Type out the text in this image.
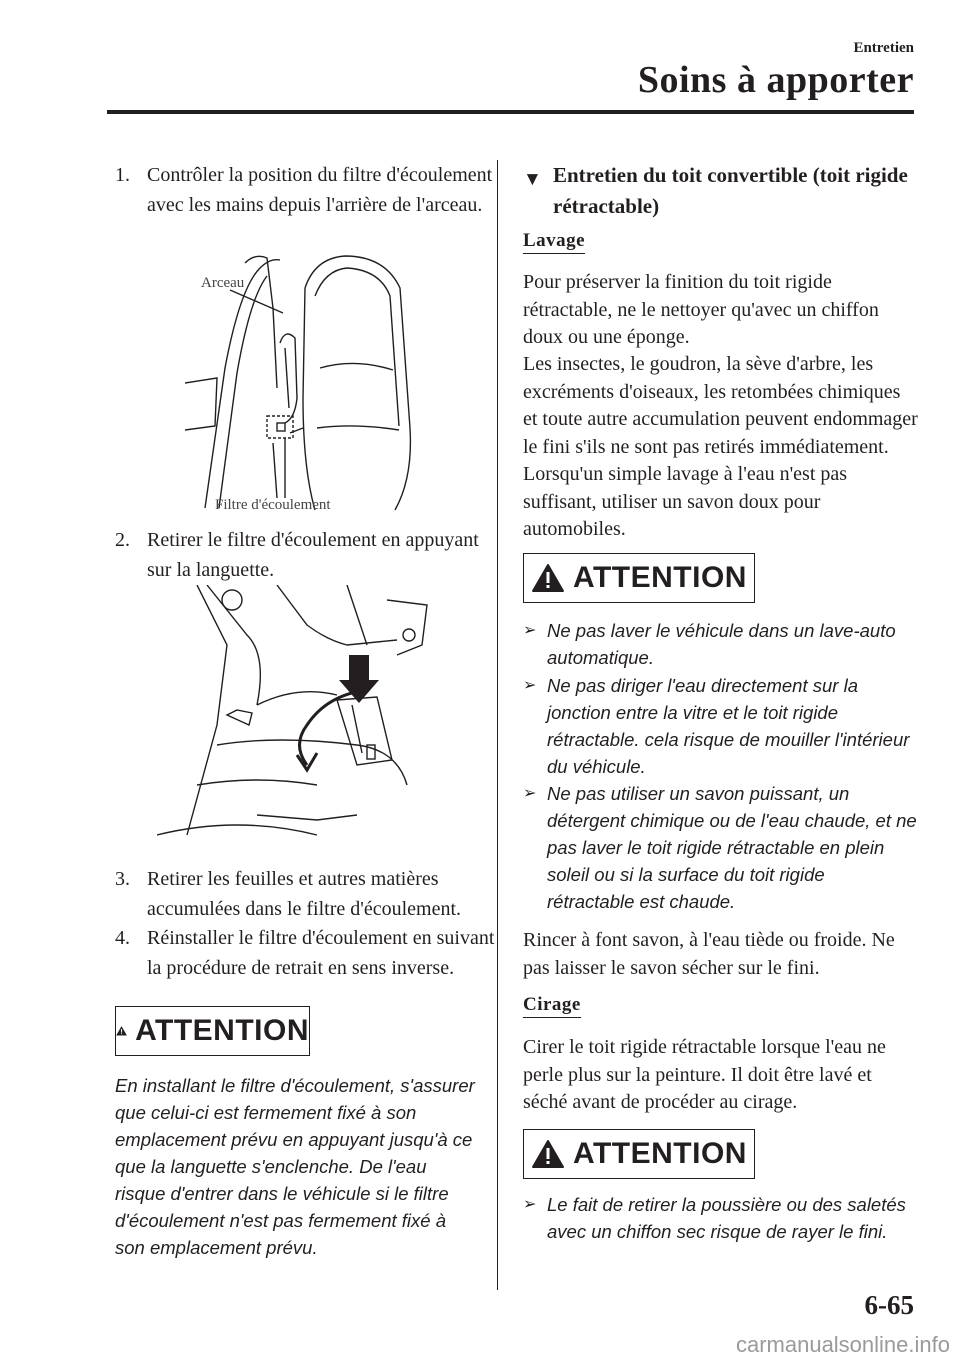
Entretien
Soins à apporter
1. Contrôler la position du filtre d'écoulement avec les mains depuis l'arrière de l'arceau.
Arceau
Filtre d'écoulement
2. Retirer le filtre d'écoulement en appuyant sur la languette.
3. Retirer les feuilles et autres matières accumulées dans le filtre d'écoulement.
4. Réinstaller le filtre d'écoulement en suivant la procédure de retrait en sens inverse.
ATTENTION
En installant le filtre d'écoulement, s'assurer que celui-ci est fermement fixé à son emplacement prévu en appuyant jusqu'à ce que la languette s'enclenche. De l'eau risque d'entrer dans le véhicule si le filtre d'écoulement n'est pas fermement fixé à son emplacement prévu.
▼ Entretien du toit convertible (toit rigide rétractable)
Lavage
Pour préserver la finition du toit rigide rétractable, ne le nettoyer qu'avec un chiffon doux ou une éponge.
Les insectes, le goudron, la sève d'arbre, les excréments d'oiseaux, les retombées chimiques et toute autre accumulation peuvent endommager le fini s'ils ne sont pas retirés immédiatement. Lorsqu'un simple lavage à l'eau n'est pas suffisant, utiliser un savon doux pour automobiles.
ATTENTION
➢ Ne pas laver le véhicule dans un lave-auto automatique.
➢ Ne pas diriger l'eau directement sur la jonction entre la vitre et le toit rigide rétractable. cela risque de mouiller l'intérieur du véhicule.
➢ Ne pas utiliser un savon puissant, un détergent chimique ou de l'eau chaude, et ne pas laver le toit rigide rétractable en plein soleil ou si la surface du toit rigide rétractable est chaude.
Rincer à font savon, à l'eau tiède ou froide. Ne pas laisser le savon sécher sur le fini.
Cirage
Cirer le toit rigide rétractable lorsque l'eau ne perle plus sur la peinture. Il doit être lavé et séché avant de procéder au cirage.
ATTENTION
➢ Le fait de retirer la poussière ou des saletés avec un chiffon sec risque de rayer le fini.
6-65
carmanualsonline.info
